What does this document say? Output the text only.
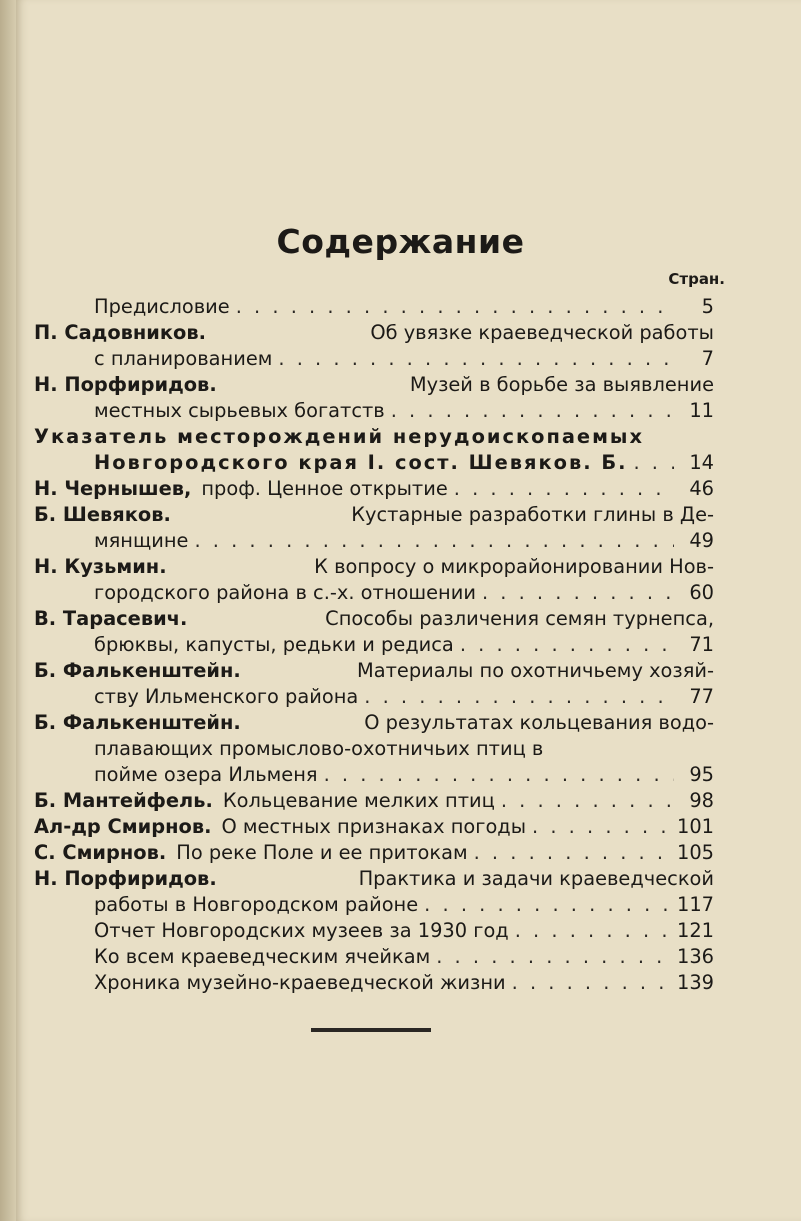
Содержание
Стран.
Предисловие . . .	5
П. Садовников.	Об увязке краеведческой работы
с планированием . . .	7
Н. Порфиридов.	Музей в борьбе за выявление
местных сырьевых богатств . . .	11
Указатель месторождений нерудоископаемых
Новгородского края I. сост. Шевяков. Б. . . .	14
Н. Чернышев, проф. Ценное открытие . . .	46
Б. Шевяков.	Кустарные разработки глины в Де-
мянщине . . .	49
Н. Кузьмин.	К вопросу о микрорайонировании Нов-
городского района в с.-х. отношении . . .	60
В. Тарасевич.	Способы различения семян турнепса,
брюквы, капусты, редьки и редиса . . .	71
Б. Фалькенштейн.	Материалы по охотничьему хозяй-
ству Ильменского района . . .	77
Б. Фалькенштейн.	О результатах кольцевания водо-
плавающих промыслово-охотничьих птиц в
пойме озера Ильменя . . .	95
Б. Мантейфель. Кольцевание мелких птиц . . .	98
Ал-др Смирнов. О местных признаках погоды . . .	101
С. Смирнов. По реке Поле и ее притокам . . .	105
Н. Порфиридов.	Практика и задачи краеведческой
работы в Новгородском районе . . .	117
Отчет Новгородских музеев за 1930 год . . .	121
Ко всем краеведческим ячейкам . . .	136
Хроника музейно-краеведческой жизни . . .	139
